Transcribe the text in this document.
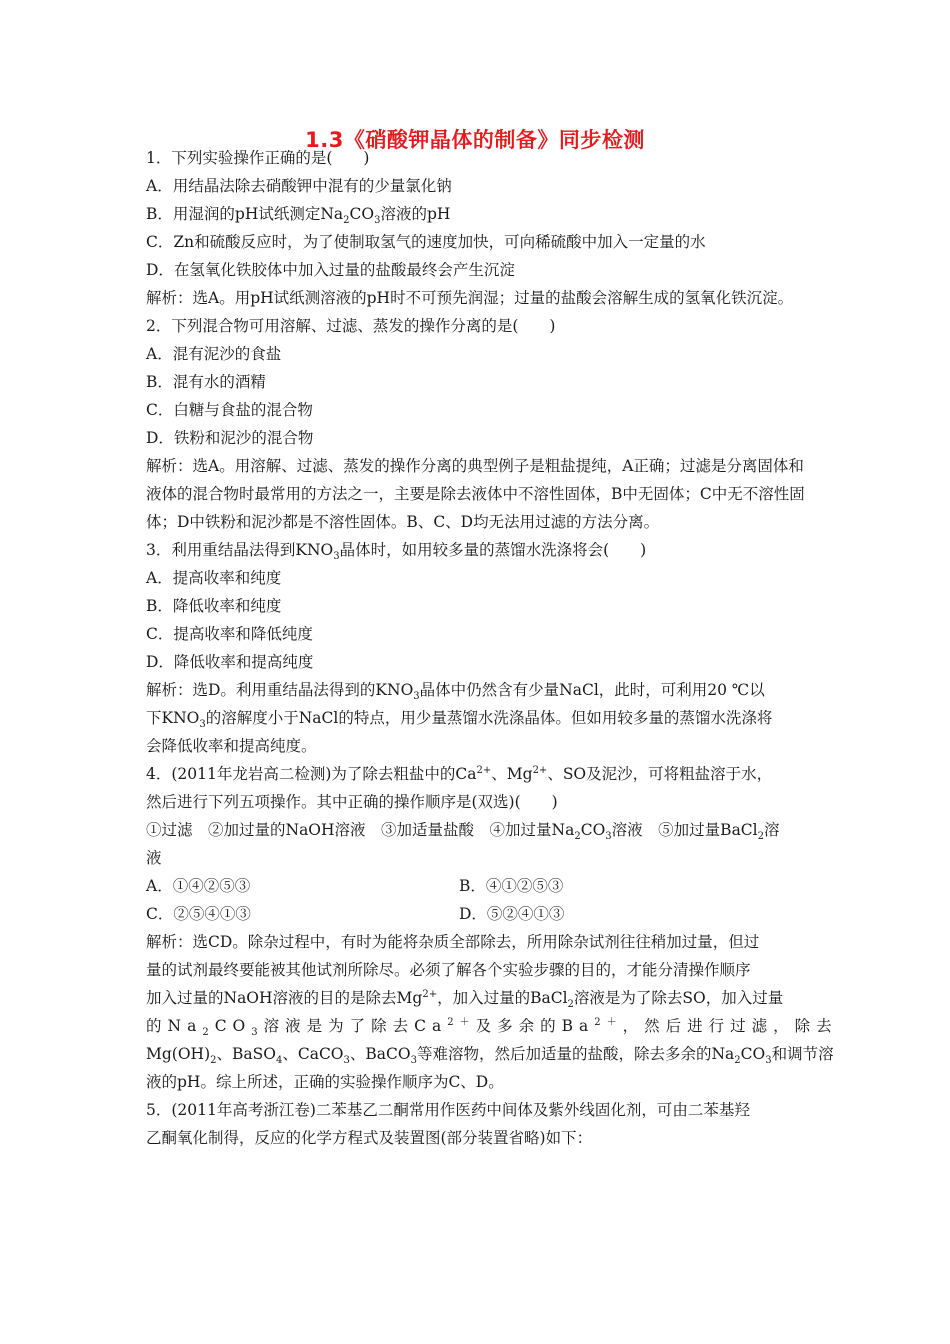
1.3《硝酸钾晶体的制备》同步检测
1．下列实验操作正确的是(　　)
A．用结晶法除去硝酸钾中混有的少量氯化钠
B．用湿润的pH试纸测定$Na_2CO_3$溶液的pH
C．Zn和硫酸反应时，为了使制取氢气的速度加快，可向稀硫酸中加入一定量的水
D．在氢氧化铁胶体中加入过量的盐酸最终会产生沉淀
解析：选A。用pH试纸测溶液的pH时不可预先润湿；过量的盐酸会溶解生成的氢氧化铁沉淀。
2．下列混合物可用溶解、过滤、蒸发的操作分离的是(　　)
A．混有泥沙的食盐
B．混有水的酒精
C．白糖与食盐的混合物
D．铁粉和泥沙的混合物
解析：选A。用溶解、过滤、蒸发的操作分离的典型例子是粗盐提纯，A正确；过滤是分离固体和液体的混合物时最常用的方法之一，主要是除去液体中不溶性固体，B中无固体；C中无不溶性固体；D中铁粉和泥沙都是不溶性固体。B、C、D均无法用过滤的方法分离。
3．利用重结晶法得到$KNO_3$晶体时，如用较多量的蒸馏水洗涤将会(　　)
A．提高收率和纯度
B．降低收率和纯度
C．提高收率和降低纯度
D．降低收率和提高纯度
解析：选D。利用重结晶法得到的$KNO_3$晶体中仍然含有少量NaCl，此时，可利用20 ℃以
下$KNO_3$的溶解度小于NaCl的特点，用少量蒸馏水洗涤晶体。但如用较多量的蒸馏水洗涤将
会降低收率和提高纯度。
4．(2011年龙岩高二检测)为了除去粗盐中的$Ca^{2+}$、$Mg^{2+}$、SO及泥沙，可将粗盐溶于水，
然后进行下列五项操作。其中正确的操作顺序是(双选)(　　)
①过滤　②加过量的NaOH溶液　③加适量盐酸　④加过量$Na_2CO_3$溶液　⑤加过量BaCl$_2$溶
液
A．①④②⑤③	B．④①②⑤③
C．②⑤④①③	D．⑤②④①③
解析：选CD。除杂过程中，有时为能将杂质全部除去，所用除杂试剂往往稍加过量，但过
量的试剂最终要能被其他试剂所除尽。必须了解各个实验步骤的目的，才能分清操作顺序
加入过量的NaOH溶液的目的是除去$Mg^{2+}$，加入过量的BaCl$_2$溶液是为了除去SO，加入过量
的$Na_2CO_3$溶液是为了除去$Ca^{2+}$及多余的$Ba^{2+}$，然后进行过滤，除去
$Mg(OH)_2$、BaSO$_4$、CaCO$_3$、BaCO$_3$等难溶物，然后加适量的盐酸，除去多余的$Na_2CO_3$和调节溶
液的pH。综上所述，正确的实验操作顺序为C、D。
5．(2011年高考浙江卷)二苯基乙二酮常用作医药中间体及紫外线固化剂，可由二苯基羟
乙酮氧化制得，反应的化学方程式及装置图(部分装置省略)如下：
